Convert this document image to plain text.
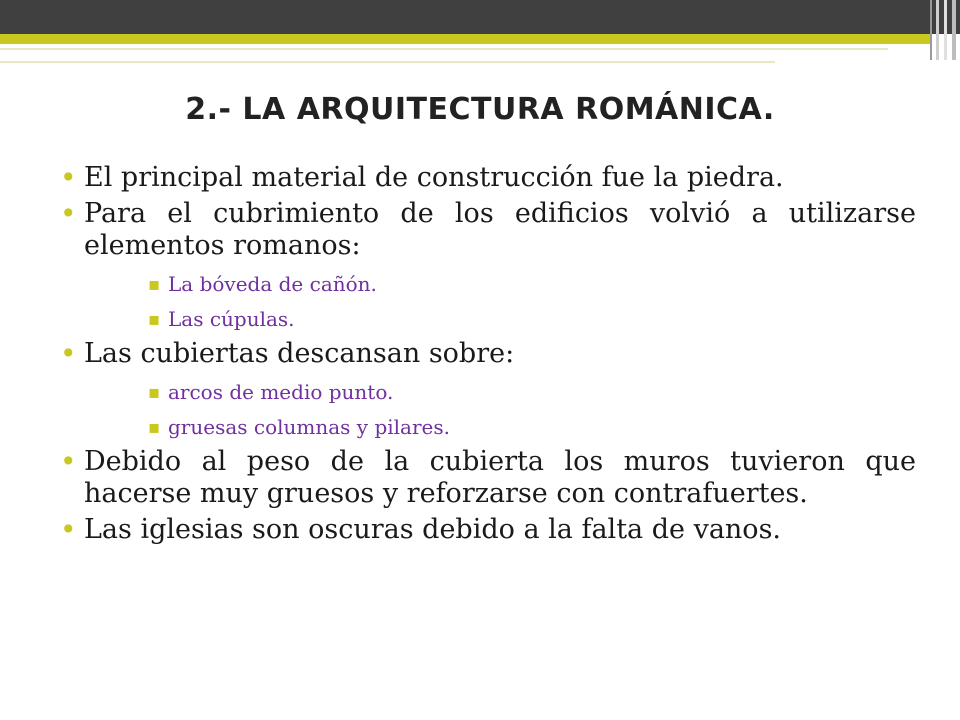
2.- LA ARQUITECTURA ROMÁNICA.
• El principal material de construcción fue la piedra.
• Para el cubrimiento de los edificios volvió a utilizarse elementos romanos:
▪ La bóveda de cañón.
▪ Las cúpulas.
• Las cubiertas descansan sobre:
▪ arcos de medio punto.
▪ gruesas columnas y pilares.
• Debido al peso de la cubierta los muros tuvieron que hacerse muy gruesos y reforzarse con contrafuertes.
• Las iglesias son oscuras debido a la falta de vanos.
